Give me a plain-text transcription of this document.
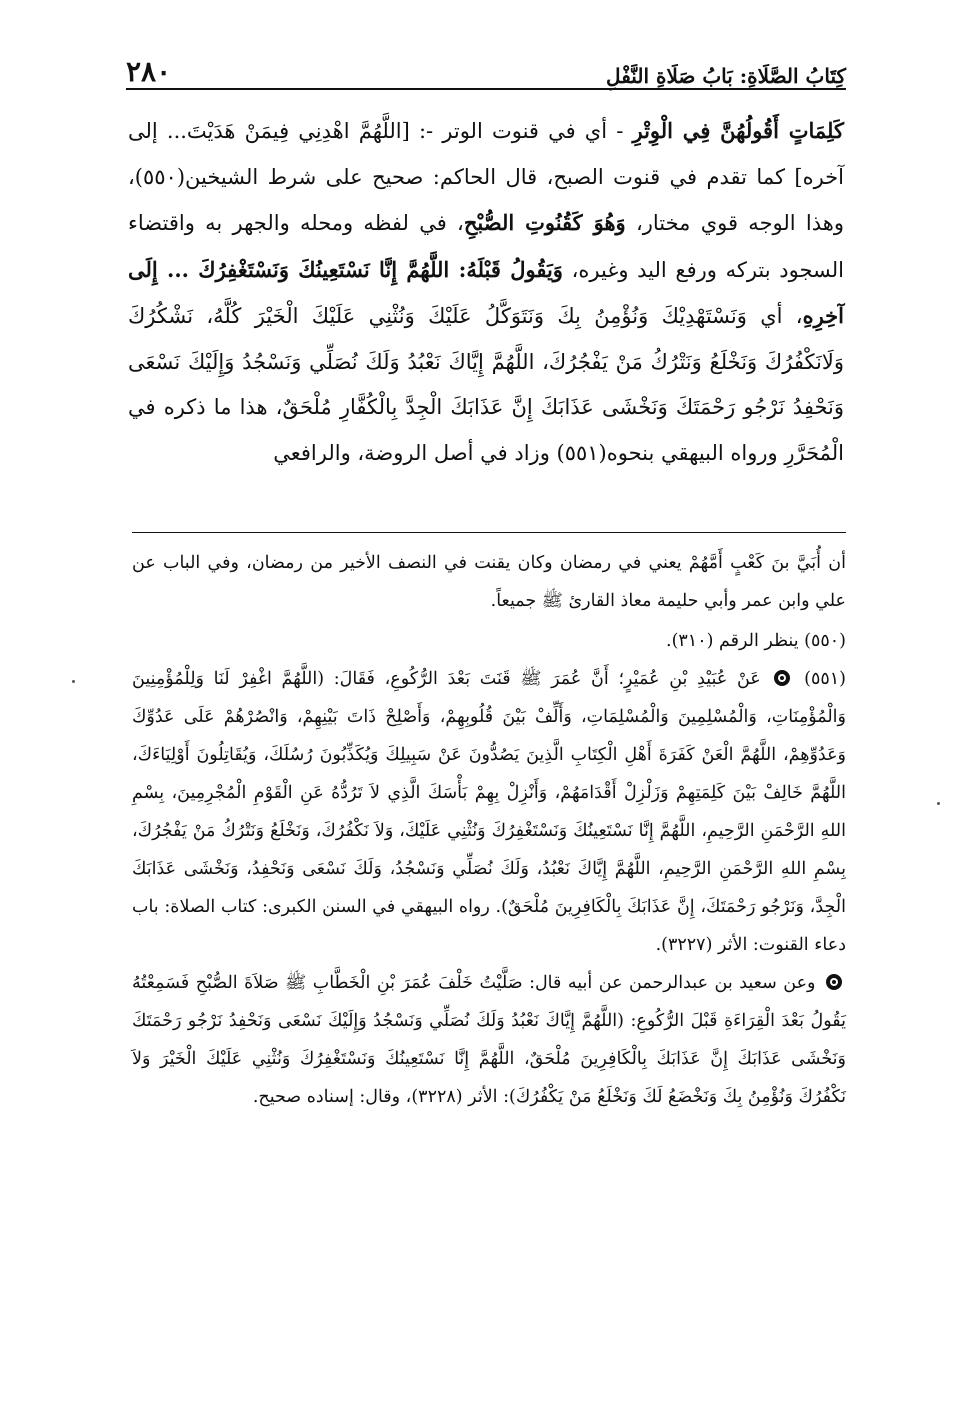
كِتَابُ الصَّلَاةِ: بَابُ صَلَاةِ النَّفْلِ
٢٨٠

كَلِمَاتٍ أَقُولُهُنَّ فِي الْوِتْرِ - أي في قنوت الوتر -: [اللَّهُمَّ اهْدِنِي فِيمَنْ هَدَيْتَ... إلى آخره] كما تقدم في قنوت الصبح، قال الحاكم: صحيح على شرط الشيخين(٥٥٠)، وهذا الوجه قوي مختار، وَهُوَ كَقُنُوتِ الصُّبْحِ، في لفظه ومحله والجهر به واقتضاء السجود بتركه ورفع اليد وغيره، وَيَقُولُ قَبْلَهُ: اللَّهُمَّ إِنَّا نَسْتَعِينُكَ وَنَسْتَغْفِرُكَ ... إِلَى آخِرِهِ، أي وَنَسْتَهْدِيْكَ وَنُؤْمِنُ بِكَ وَنَتَوَكَّلُ عَلَيْكَ وَنُثْنِي عَلَيْكَ الْخَيْرَ كُلَّهُ، نَشْكُرُكَ وَلَانَكْفُرُكَ وَنَخْلَعُ وَنَتْرُكُ مَنْ يَفْجُرُكَ، اللَّهُمَّ إِيَّاكَ نَعْبُدُ وَلَكَ نُصَلِّي وَنَسْجُدُ وَإِلَيْكَ نَسْعَى وَنَحْفِدُ نَرْجُو رَحْمَتَكَ وَنَخْشَى عَذَابَكَ إِنَّ عَذَابَكَ الْجِدَّ بِالْكُفَّارِ مُلْحَقٌ، هذا ما ذكره في الْمُحَرَّرِ ورواه البيهقي بنحوه(٥٥١) وزاد في أصل الروضة، والرافعي

أن أُبَيَّ بنَ كَعْبٍ أَمَّهُمْ يعني في رمضان وكان يقنت في النصف الأخير من رمضان، وفي الباب عن علي وابن عمر وأبي حليمة معاذ القارئ ﷺ جميعاً.

(٥٥٠) ينظر الرقم (٣١٠).

(٥٥١)  عَنْ عُبَيْدِ بْنِ عُمَيْرٍ؛ أَنَّ عُمَرَ ﷺ قَنَتَ بَعْدَ الرُّكُوعِ، فَقَالَ: (اللَّهُمَّ اغْفِرْ لَنَا وَلِلْمُؤْمِنِينَ وَالْمُؤْمِنَاتِ، وَالْمُسْلِمِينَ وَالْمُسْلِمَاتِ، وَأَلِّفْ بَيْنَ قُلُوبِهِمْ، وَأَصْلِحْ ذَاتَ بَيْنِهِمْ، وَانْصُرْهُمْ عَلَى عَدُوِّكَ وَعَدُوِّهِمْ، اللَّهُمَّ الْعَنْ كَفَرَةَ أَهْلِ الْكِتَابِ الَّذِينَ يَصُدُّونَ عَنْ سَبِيلِكَ وَيُكَذِّبُونَ رُسُلَكَ، وَيُقَاتِلُونَ أَوْلِيَاءَكَ، اللَّهُمَّ خَالِفْ بَيْنَ كَلِمَتِهِمْ وَزَلْزِلْ أَقْدَامَهُمْ، وَأَنْزِلْ بِهِمْ بَأْسَكَ الَّذِي لاَ تَرُدُّهُ عَنِ الْقَوْمِ الْمُجْرِمِينَ، بِسْمِ اللهِ الرَّحْمَنِ الرَّحِيمِ، اللَّهُمَّ إِنَّا نَسْتَعِينُكَ وَنَسْتَغْفِرُكَ وَنُثْنِي عَلَيْكَ، وَلاَ نَكْفُرُكَ، وَنَخْلَعُ وَنَتْرُكُ مَنْ يَفْجُرُكَ، بِسْمِ اللهِ الرَّحْمَنِ الرَّحِيمِ، اللَّهُمَّ إِيَّاكَ نَعْبُدُ، وَلَكَ نُصَلِّي وَنَسْجُدُ، وَلَكَ نَسْعَى وَنَحْفِدُ، وَنَخْشَى عَذَابَكَ الْجِدَّ، وَنَرْجُو رَحْمَتَكَ، إِنَّ عَذَابَكَ بِالْكَافِرِينَ مُلْحَقٌ). رواه البيهقي في السنن الكبرى: كتاب الصلاة: باب دعاء القنوت: الأثر (٣٢٢٧).

وعن سعيد بن عبدالرحمن عن أبيه قال: صَلَّيْتُ خَلْفَ عُمَرَ بْنِ الْخَطَّابِ ﷺ صَلاَةَ الصُّبْحِ فَسَمِعْتُهُ يَقُولُ بَعْدَ الْقِرَاءَةِ قَبْلَ الرُّكُوعِ: (اللَّهُمَّ إِيَّاكَ نَعْبُدُ وَلَكَ نُصَلِّي وَنَسْجُدُ وَإِلَيْكَ نَسْعَى وَنَحْفِدُ نَرْجُو رَحْمَتَكَ وَنَخْشَى عَذَابَكَ إِنَّ عَذَابَكَ بِالْكَافِرِينَ مُلْحَقٌ، اللَّهُمَّ إِنَّا نَسْتَعِينُكَ وَنَسْتَغْفِرُكَ وَنُثْنِي عَلَيْكَ الْخَيْرَ وَلاَ نَكْفُرُكَ وَنُؤْمِنُ بِكَ وَنَخْضَعُ لَكَ وَنَخْلَعُ مَنْ يَكْفُرُكَ): الأثر (٣٢٢٨)، وقال: إسناده صحيح.
